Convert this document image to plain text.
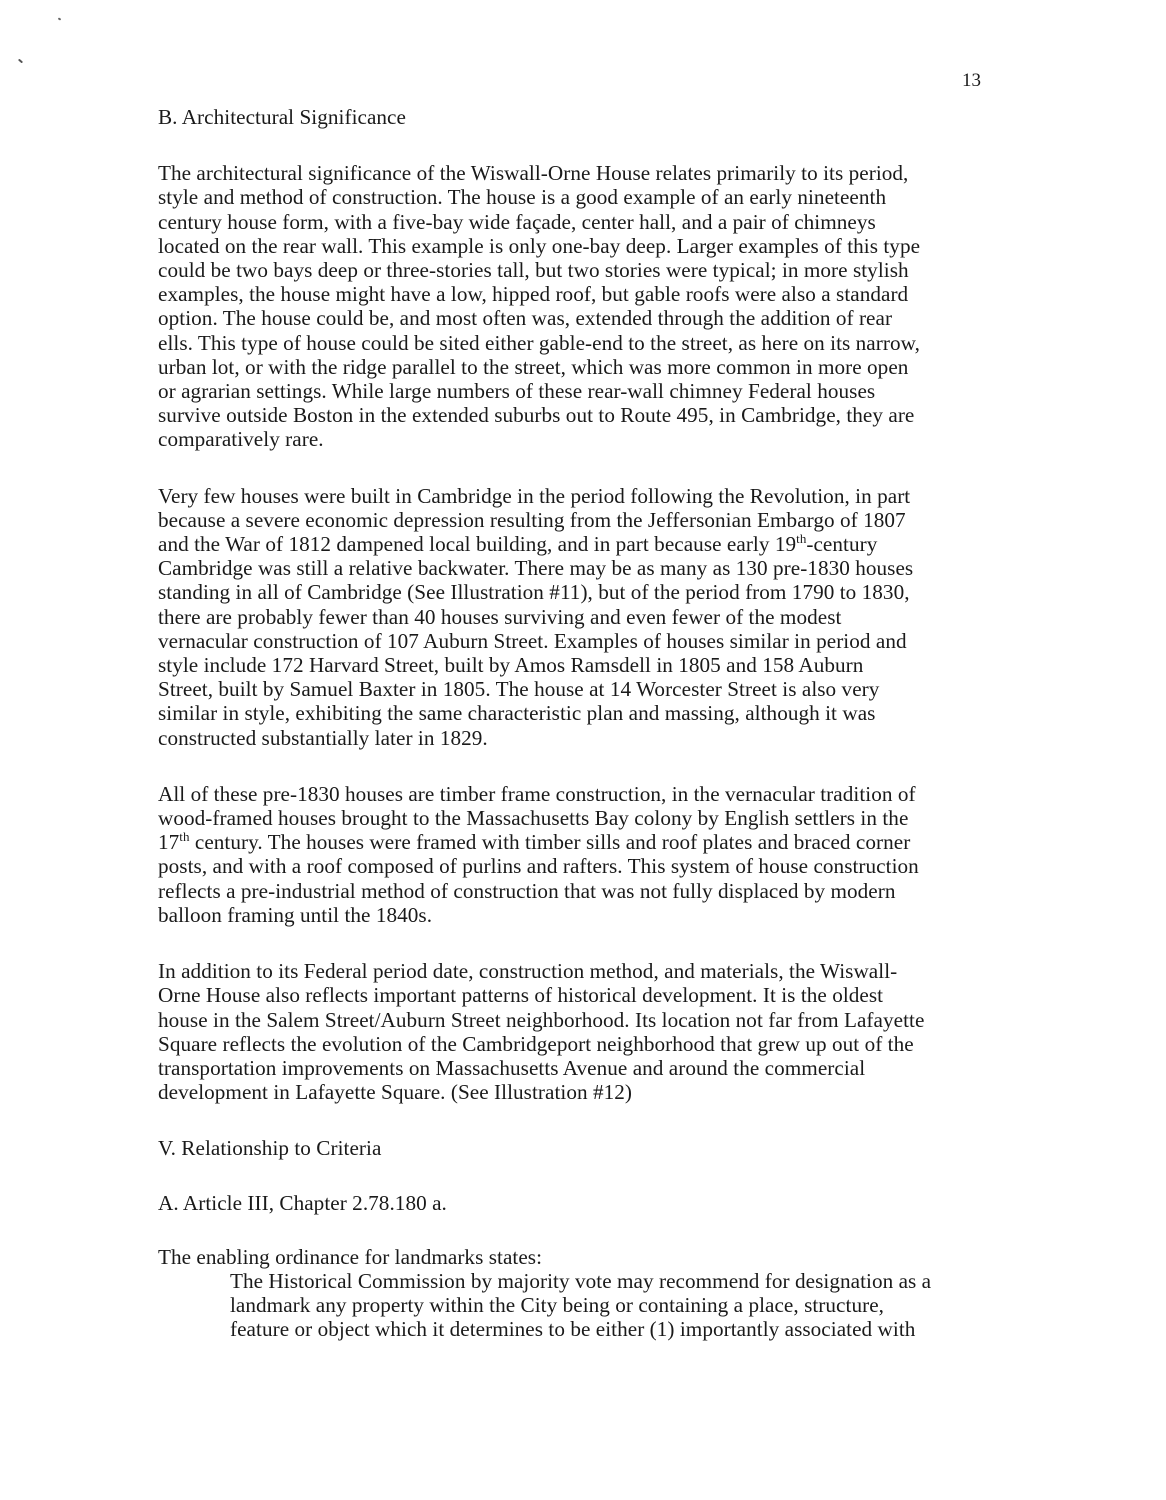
13

B. Architectural Significance

The architectural significance of the Wiswall-Orne House relates primarily to its period,
style and method of construction. The house is a good example of an early nineteenth
century house form, with a five-bay wide façade, center hall, and a pair of chimneys
located on the rear wall. This example is only one-bay deep. Larger examples of this type
could be two bays deep or three-stories tall, but two stories were typical; in more stylish
examples, the house might have a low, hipped roof, but gable roofs were also a standard
option. The house could be, and most often was, extended through the addition of rear
ells. This type of house could be sited either gable-end to the street, as here on its narrow,
urban lot, or with the ridge parallel to the street, which was more common in more open
or agrarian settings. While large numbers of these rear-wall chimney Federal houses
survive outside Boston in the extended suburbs out to Route 495, in Cambridge, they are
comparatively rare.

Very few houses were built in Cambridge in the period following the Revolution, in part
because a severe economic depression resulting from the Jeffersonian Embargo of 1807
and the War of 1812 dampened local building, and in part because early 19th-century
Cambridge was still a relative backwater. There may be as many as 130 pre-1830 houses
standing in all of Cambridge (See Illustration #11), but of the period from 1790 to 1830,
there are probably fewer than 40 houses surviving and even fewer of the modest
vernacular construction of 107 Auburn Street. Examples of houses similar in period and
style include 172 Harvard Street, built by Amos Ramsdell in 1805 and 158 Auburn
Street, built by Samuel Baxter in 1805. The house at 14 Worcester Street is also very
similar in style, exhibiting the same characteristic plan and massing, although it was
constructed substantially later in 1829.

All of these pre-1830 houses are timber frame construction, in the vernacular tradition of
wood-framed houses brought to the Massachusetts Bay colony by English settlers in the
17th century. The houses were framed with timber sills and roof plates and braced corner
posts, and with a roof composed of purlins and rafters. This system of house construction
reflects a pre-industrial method of construction that was not fully displaced by modern
balloon framing until the 1840s.

In addition to its Federal period date, construction method, and materials, the Wiswall-
Orne House also reflects important patterns of historical development. It is the oldest
house in the Salem Street/Auburn Street neighborhood. Its location not far from Lafayette
Square reflects the evolution of the Cambridgeport neighborhood that grew up out of the
transportation improvements on Massachusetts Avenue and around the commercial
development in Lafayette Square. (See Illustration #12)

V. Relationship to Criteria

A. Article III, Chapter 2.78.180 a.

The enabling ordinance for landmarks states:

The Historical Commission by majority vote may recommend for designation as a
landmark any property within the City being or containing a place, structure,
feature or object which it determines to be either (1) importantly associated with
